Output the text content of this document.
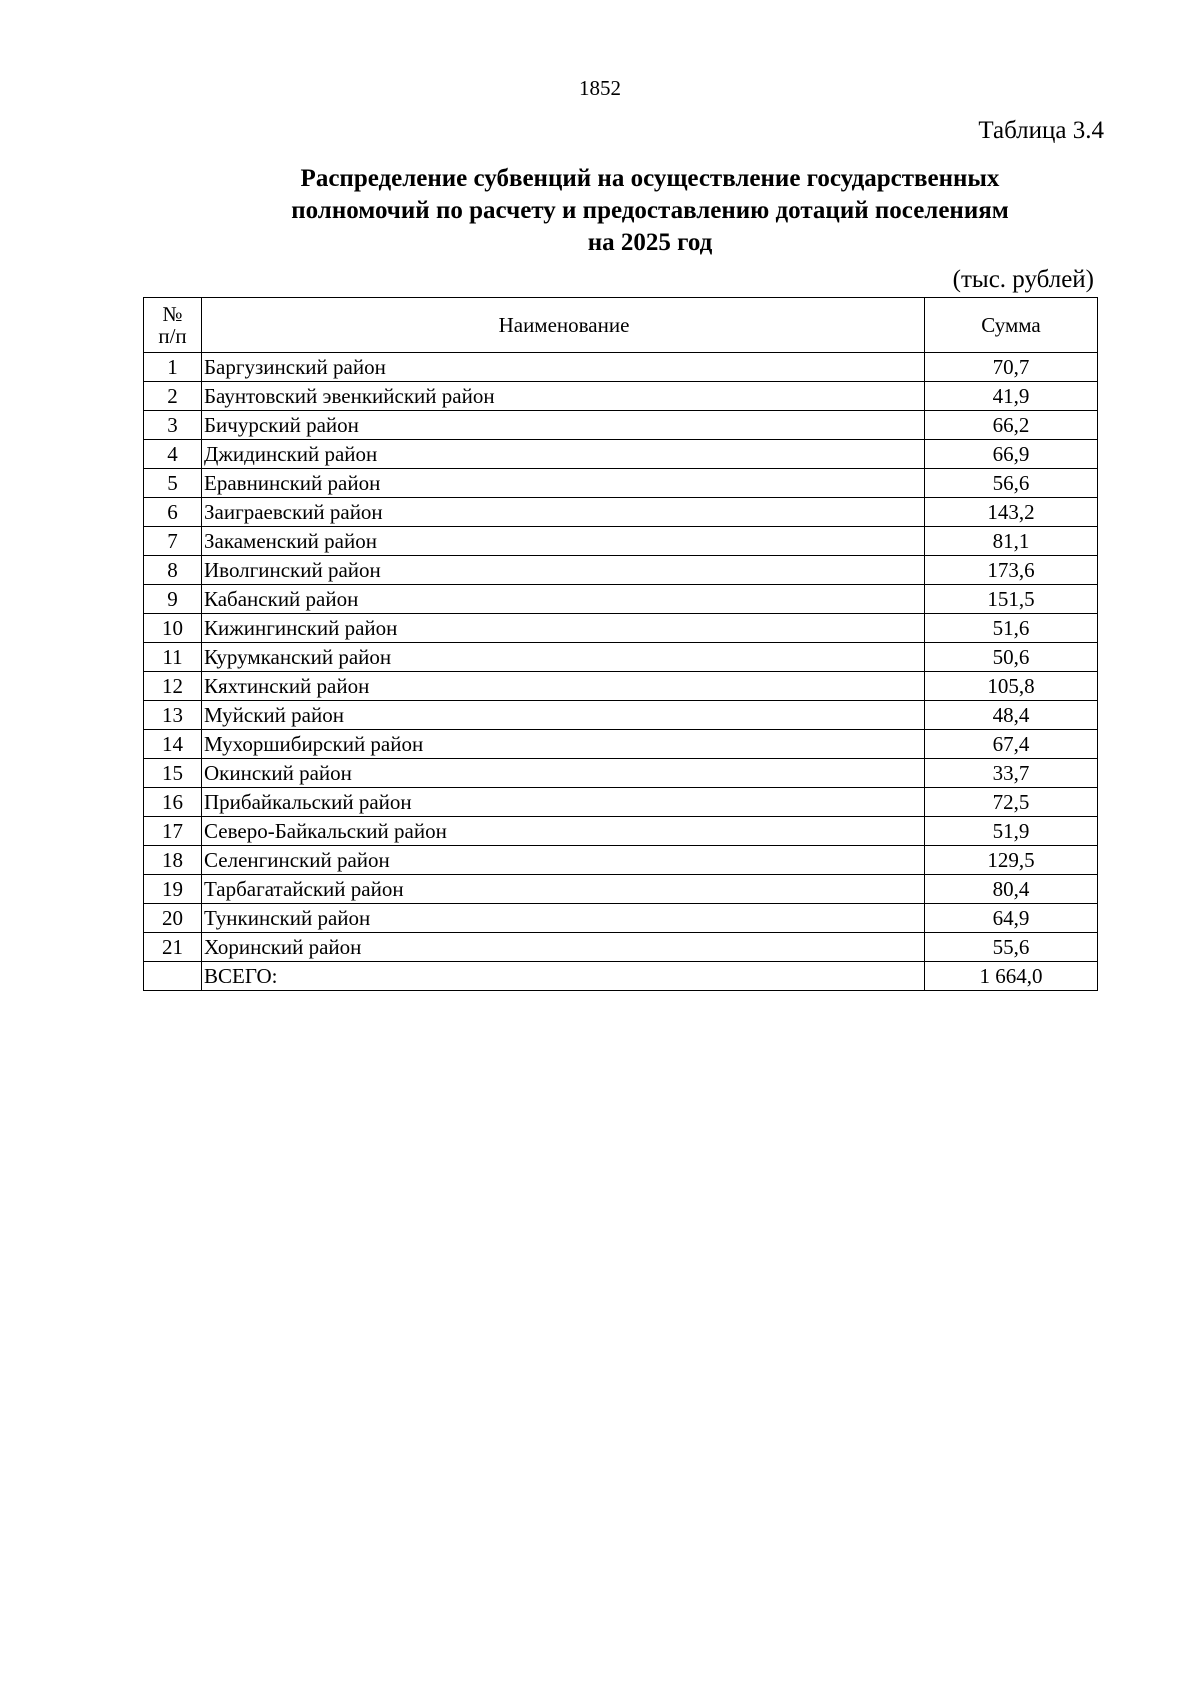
1852
Таблица 3.4
Распределение субвенций на осуществление государственных
полномочий по расчету и предоставлению дотаций поселениям
на 2025 год
(тыс. рублей)
№
п/п	Наименование	Сумма
1	Баргузинский район	70,7
2	Баунтовский эвенкийский район	41,9
3	Бичурский район	66,2
4	Джидинский район	66,9
5	Еравнинский район	56,6
6	Заиграевский район	143,2
7	Закаменский район	81,1
8	Иволгинский район	173,6
9	Кабанский район	151,5
10	Кижингинский район	51,6
11	Курумканский район	50,6
12	Кяхтинский район	105,8
13	Муйский район	48,4
14	Мухоршибирский район	67,4
15	Окинский район	33,7
16	Прибайкальский район	72,5
17	Северо-Байкальский район	51,9
18	Селенгинский район	129,5
19	Тарбагатайский район	80,4
20	Тункинский район	64,9
21	Хоринский район	55,6
	ВСЕГО:	1 664,0
